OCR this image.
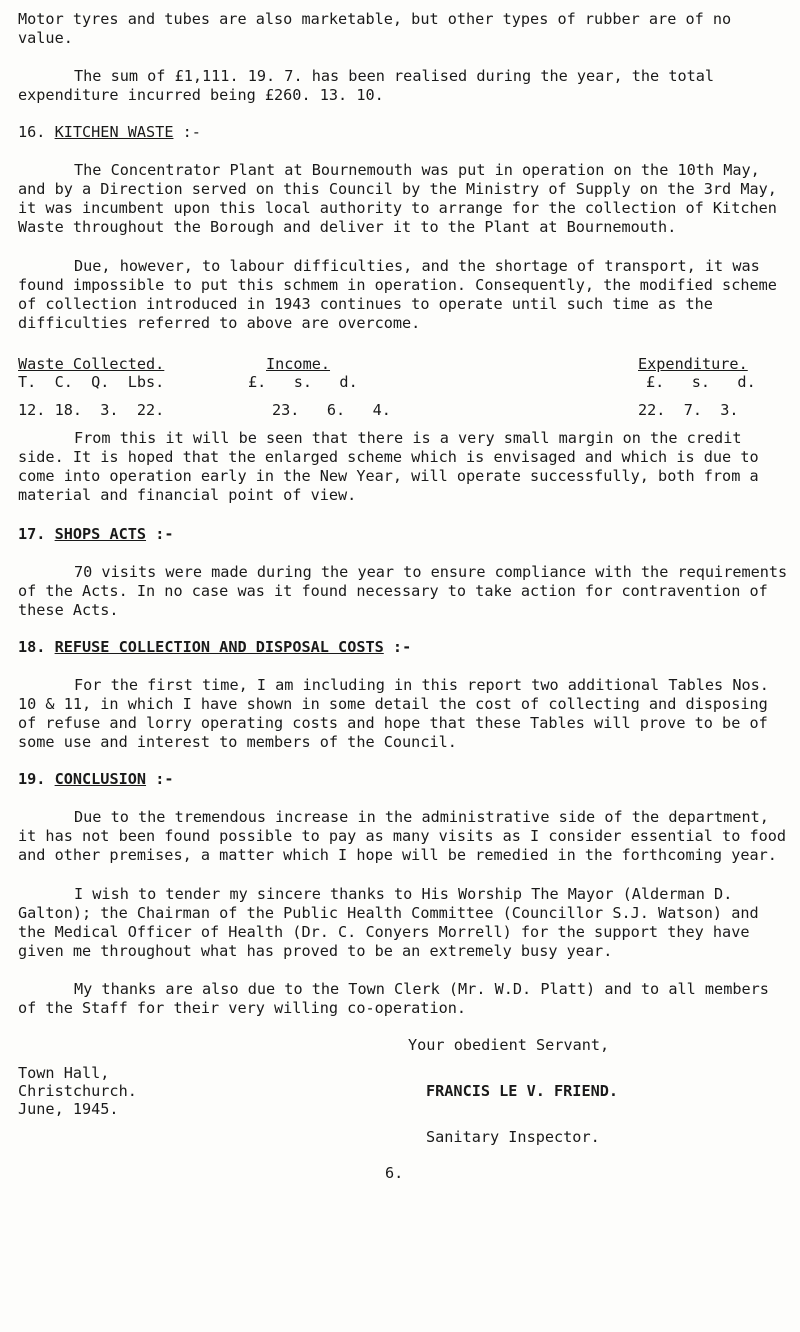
Motor tyres and tubes are also marketable, but other types of rubber are of no value.

The sum of £1,111. 19. 7. has been realised during the year, the total expenditure incurred being £260. 13. 10.

16. KITCHEN WASTE :-

The Concentrator Plant at Bournemouth was put in operation on the 10th May, and by a Direction served on this Council by the Ministry of Supply on the 3rd May, it was incumbent upon this local authority to arrange for the collection of Kitchen Waste throughout the Borough and deliver it to the Plant at Bournemouth.

Due, however, to labour difficulties, and the shortage of transport, it was found impossible to put this schmem in operation. Consequently, the modified scheme of collection introduced in 1943 continues to operate until such time as the difficulties referred to above are overcome.

Waste Collected.
T.  C.  Q.  Lbs.
Income.
£.   s.   d.
Expenditure.
£.   s.   d.
12. 18.  3.  22.	23.   6.   4.	22.  7.  3.

From this it will be seen that there is a very small margin on the credit side. It is hoped that the enlarged scheme which is envisaged and which is due to come into operation early in the New Year, will operate successfully, both from a material and financial point of view.

17. SHOPS ACTS :-

70 visits were made during the year to ensure compliance with the requirements of the Acts. In no case was it found necessary to take action for contravention of these Acts.

18. REFUSE COLLECTION AND DISPOSAL COSTS :-

For the first time, I am including in this report two additional Tables Nos. 10 & 11, in which I have shown in some detail the cost of collecting and disposing of refuse and lorry operating costs and hope that these Tables will prove to be of some use and interest to members of the Council.

19. CONCLUSION :-

Due to the tremendous increase in the administrative side of the department, it has not been found possible to pay as many visits as I consider essential to food and other premises, a matter which I hope will be remedied in the forthcoming year.

I wish to tender my sincere thanks to His Worship The Mayor (Alderman D. Galton); the Chairman of the Public Health Committee (Councillor S.J. Watson) and the Medical Officer of Health (Dr. C. Conyers Morrell) for the support they have given me throughout what has proved to be an extremely busy year.

My thanks are also due to the Town Clerk (Mr. W.D. Platt) and to all members of the Staff for their very willing co-operation.

Your obedient Servant,
Town Hall,
Christchurch.
June, 1945.
FRANCIS LE V. FRIEND.
Sanitary Inspector.
6.
